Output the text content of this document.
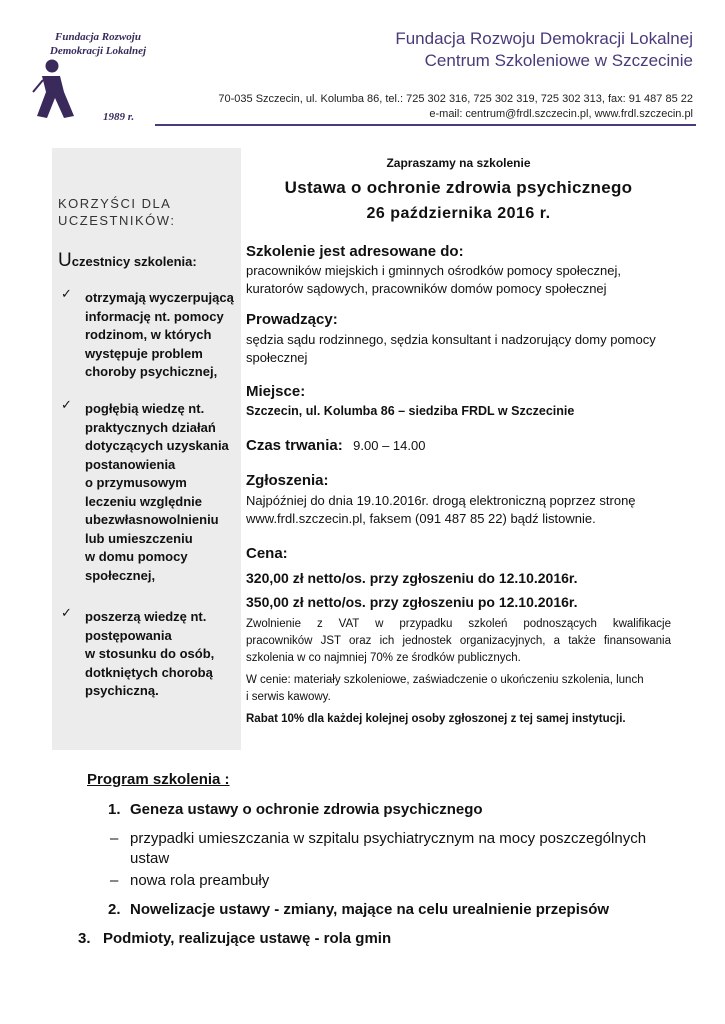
Fundacja Rozwoju
Demokracji Lokalnej
1989 r.
Fundacja Rozwoju Demokracji Lokalnej
Centrum Szkoleniowe w Szczecinie
70-035 Szczecin, ul. Kolumba 86, tel.: 725 302 316, 725 302 319, 725 302 313, fax: 91 487 85 22
e-mail: centrum@frdl.szczecin.pl, www.frdl.szczecin.pl
KORZYŚCI DLA
UCZESTNIKÓW:
Uczestnicy szkolenia:
✓ otrzymają wyczerpującą
informację nt. pomocy
rodzinom, w których
występuje problem
choroby psychicznej,
✓ pogłębią wiedzę nt.
praktycznych działań
dotyczących uzyskania
postanowienia
o przymusowym
leczeniu względnie
ubezwłasnowolnieniu
lub umieszczeniu
w domu pomocy
społecznej,
✓ poszerzą wiedzę nt.
postępowania
w stosunku do osób,
dotkniętych chorobą
psychiczną.
Zapraszamy na szkolenie
Ustawa o ochronie zdrowia psychicznego
26 października 2016 r.
Szkolenie jest adresowane do:
pracowników miejskich i gminnych ośrodków pomocy społecznej,
kuratorów sądowych, pracowników domów pomocy społecznej
Prowadzący:
sędzia sądu rodzinnego, sędzia konsultant i nadzorujący domy pomocy
społecznej
Miejsce:
Szczecin, ul. Kolumba 86 – siedziba FRDL w Szczecinie
Czas trwania: 9.00 – 14.00
Zgłoszenia:
Najpóźniej do dnia 19.10.2016r. drogą elektroniczną poprzez stronę
www.frdl.szczecin.pl, faksem (091 487 85 22) bądź listownie.
Cena:
320,00 zł netto/os. przy zgłoszeniu do 12.10.2016r.
350,00 zł netto/os. przy zgłoszeniu po 12.10.2016r.
Zwolnienie z VAT w przypadku szkoleń podnoszących kwalifikacje
pracowników JST oraz ich jednostek organizacyjnych, a także finansowania
szkolenia w co najmniej 70% ze środków publicznych.
W cenie: materiały szkoleniowe, zaświadczenie o ukończeniu szkolenia, lunch
i serwis kawowy.
Rabat 10% dla każdej kolejnej osoby zgłoszonej z tej samej instytucji.
Program szkolenia :
1. Geneza ustawy o ochronie zdrowia psychicznego
– przypadki umieszczania w szpitalu psychiatrycznym na mocy poszczególnych
ustaw
– nowa rola preambuły
2. Nowelizacje ustawy - zmiany, mające na celu urealnienie przepisów
3. Podmioty, realizujące ustawę - rola gmin
